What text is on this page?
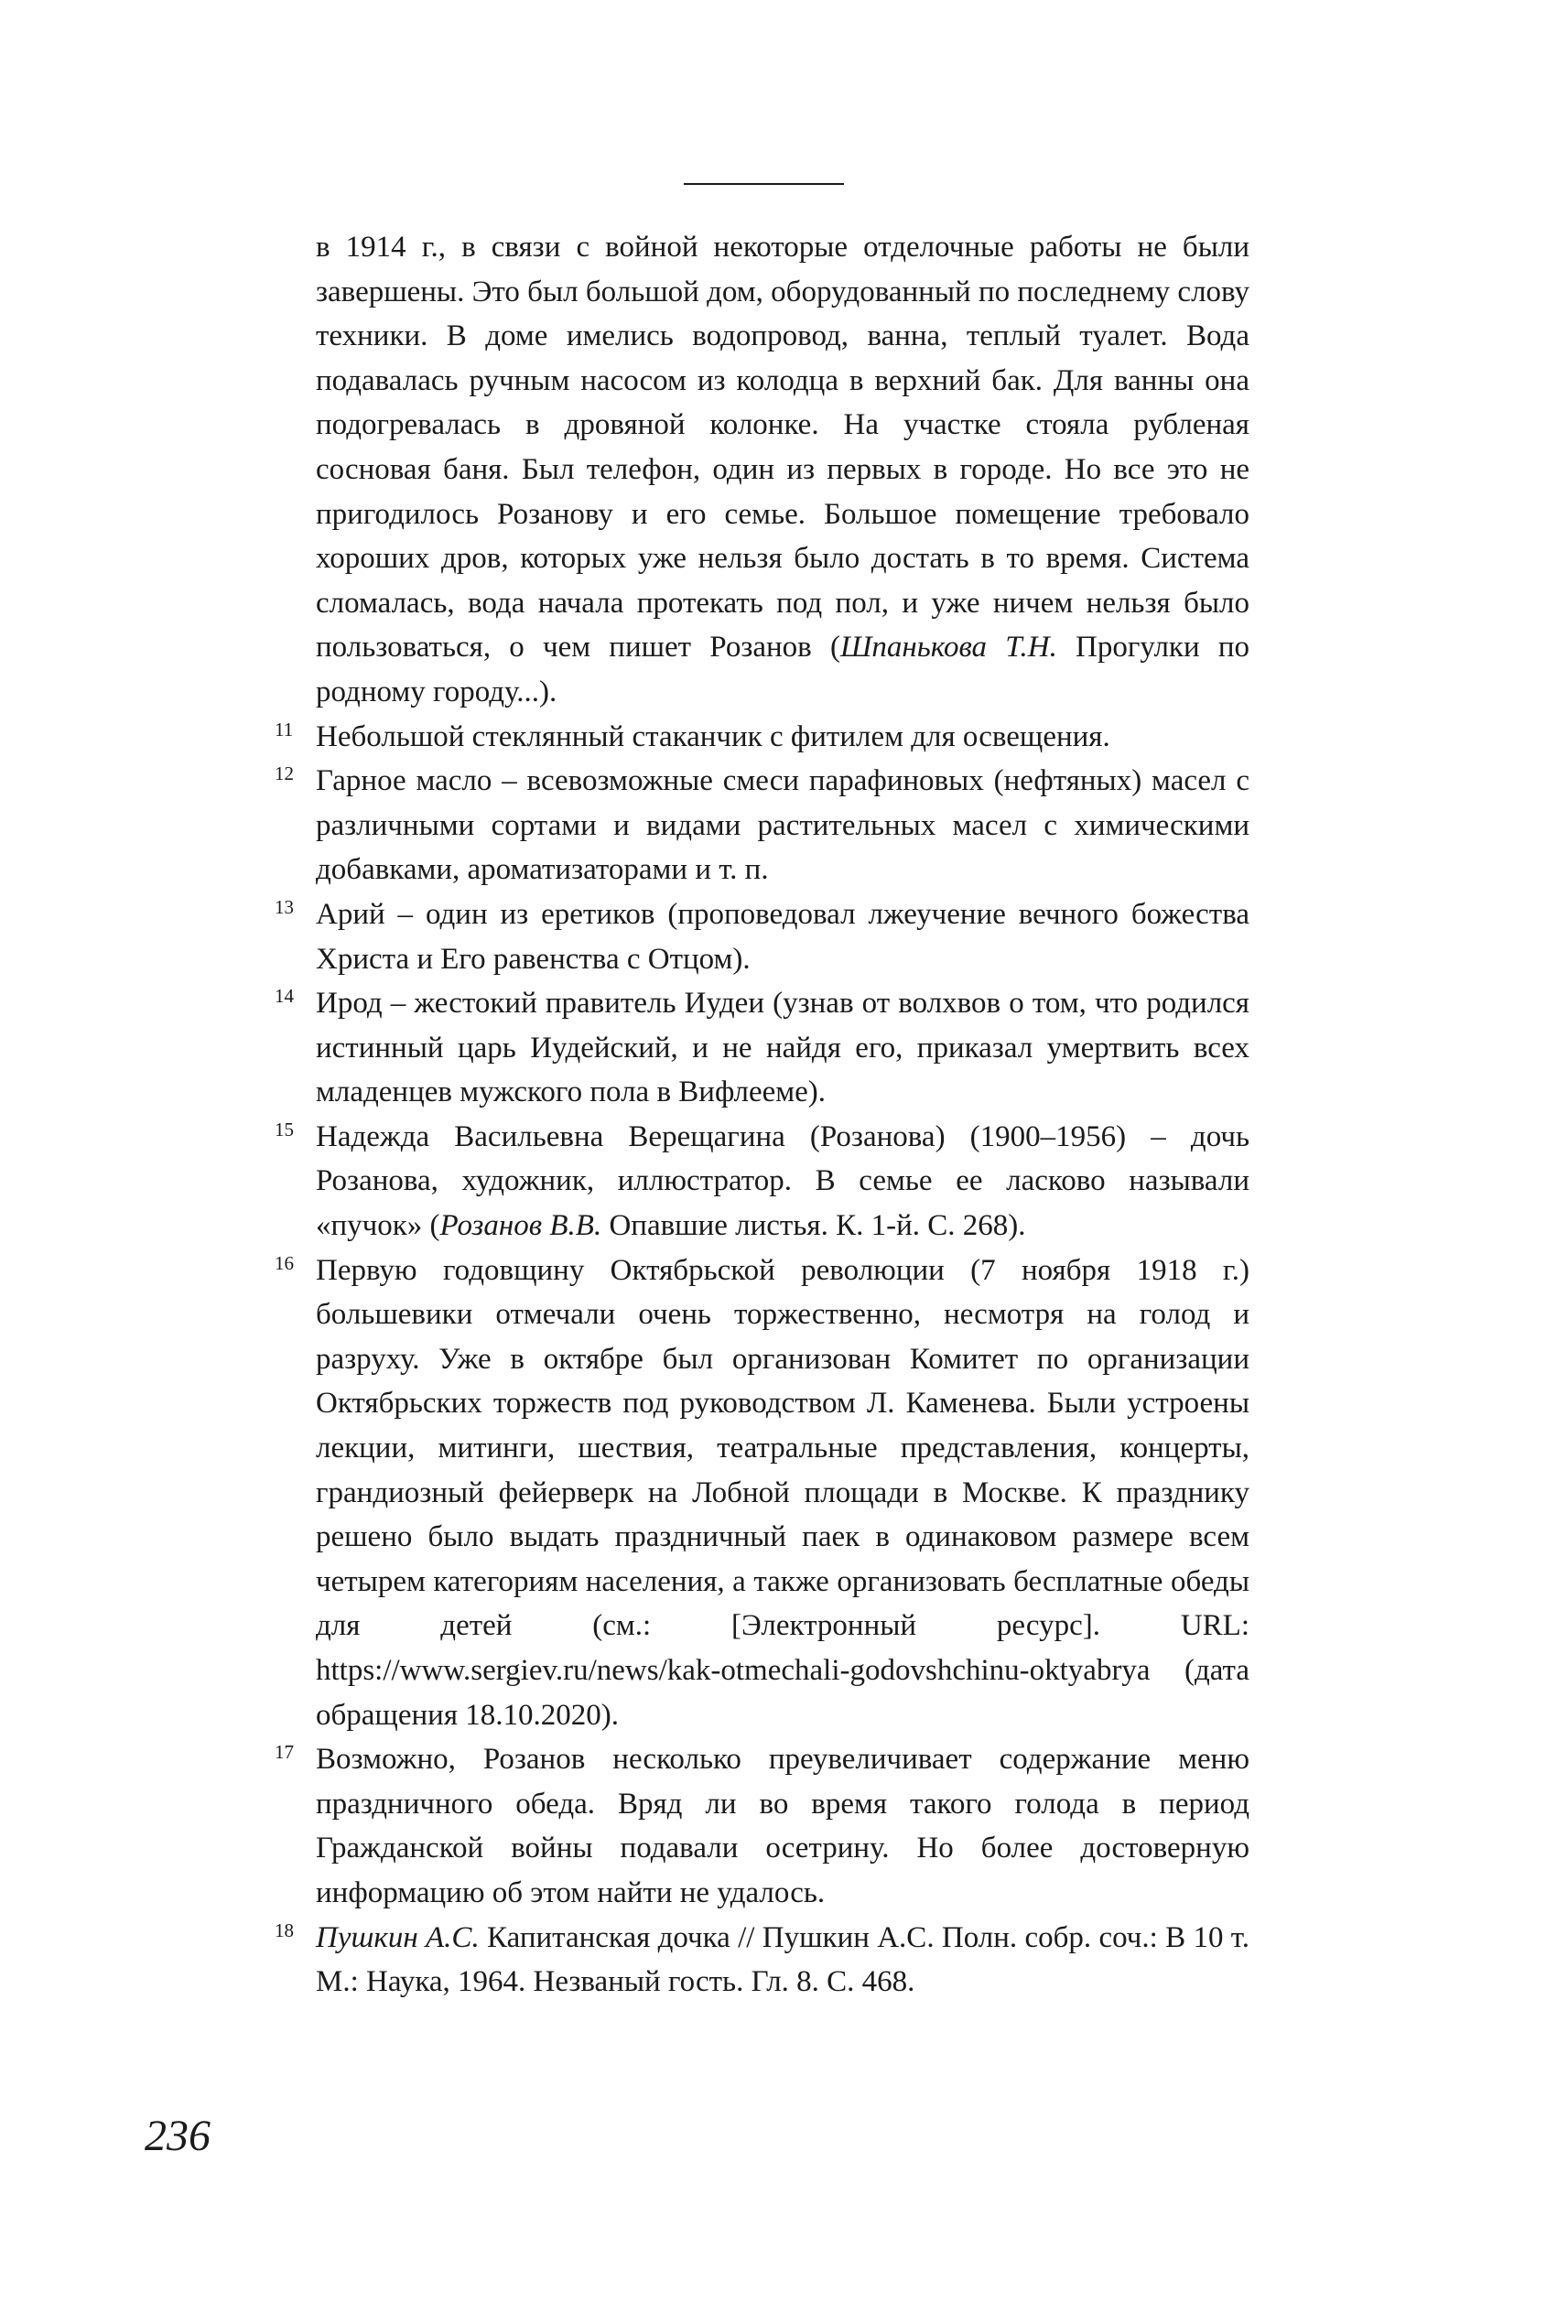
в 1914 г., в связи с войной некоторые отделочные работы не были завершены. Это был большой дом, оборудованный по последнему слову техники. В доме имелись водопровод, ванна, теплый туалет. Вода подавалась ручным насосом из колодца в верхний бак. Для ванны она подогревалась в дровяной колонке. На участке стояла рубленая сосновая баня. Был телефон, один из первых в городе. Но все это не пригодилось Розанову и его семье. Большое помещение требовало хороших дров, которых уже нельзя было достать в то время. Система сломалась, вода начала протекать под пол, и уже ничем нельзя было пользоваться, о чем пишет Розанов (Шпанькова Т.Н. Прогулки по родному городу...).

11 Небольшой стеклянный стаканчик с фитилем для освещения.

12 Гарное масло – всевозможные смеси парафиновых (нефтяных) масел с различными сортами и видами растительных масел с химическими добавками, ароматизаторами и т. п.

13 Арий – один из еретиков (проповедовал лжеучение вечного божества Христа и Его равенства с Отцом).

14 Ирод – жестокий правитель Иудеи (узнав от волхвов о том, что родился истинный царь Иудейский, и не найдя его, приказал умертвить всех младенцев мужского пола в Вифлееме).

15 Надежда Васильевна Верещагина (Розанова) (1900–1956) – дочь Розанова, художник, иллюстратор. В семье ее ласково называли «пучок» (Розанов В.В. Опавшие листья. К. 1-й. С. 268).

16 Первую годовщину Октябрьской революции (7 ноября 1918 г.) большевики отмечали очень торжественно, несмотря на голод и разруху. Уже в октябре был организован Комитет по организации Октябрьских торжеств под руководством Л. Каменева. Были устроены лекции, митинги, шествия, театральные представления, концерты, грандиозный фейерверк на Лобной площади в Москве. К празднику решено было выдать праздничный паек в одинаковом размере всем четырем категориям населения, а также организовать бесплатные обеды для детей (см.: [Электронный ресурс]. URL: https://www.sergiev.ru/news/kak-otmechali-godovshchinu-oktyabrya (дата обращения 18.10.2020).

17 Возможно, Розанов несколько преувеличивает содержание меню праздничного обеда. Вряд ли во время такого голода в период Гражданской войны подавали осетрину. Но более достоверную информацию об этом найти не удалось.

18 Пушкин А.С. Капитанская дочка // Пушкин А.С. Полн. собр. соч.: В 10 т. М.: Наука, 1964. Незваный гость. Гл. 8. С. 468.

236
